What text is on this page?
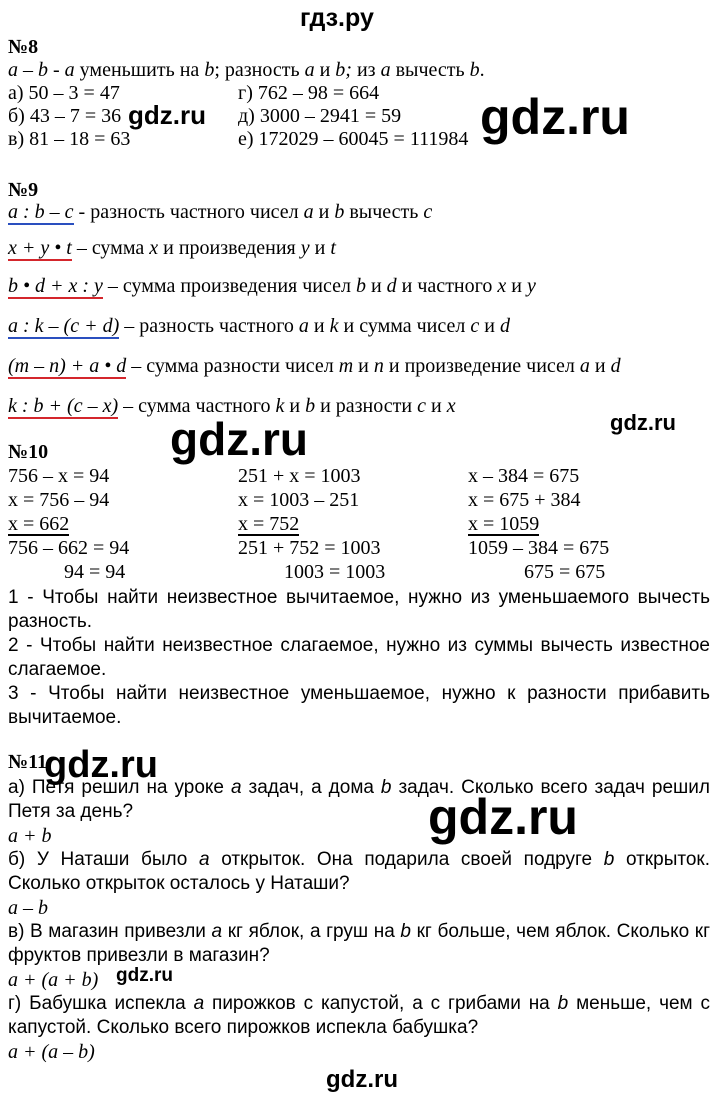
гдз.ру
№8
a – b - a уменьшить на b; разность a и b; из a вычесть b.
а) 50 – 3 = 47
б) 43 – 7 = 36
в) 81 – 18 = 63
г) 762 – 98 = 664
д) 3000 – 2941 = 59
е) 172029 – 60045 = 111984 gdz.ru
gdz.ru
№9
a : b – c - разность частного чисел a и b вычесть c
x + y • t – сумма x и произведения y и t
b • d + x : y – сумма произведения чисел b и d и частного x и y
a : k – (c + d) – разность частного a и k и сумма чисел c и d
(m – n) + a • d – сумма разности чисел m и n и произведение чисел a и d
k : b + (c – x) – сумма частного k и b и разности c и x
gdz.ru	gdz.ru
№10
756 – x = 94
x = 756 – 94
x = 662
756 – 662 = 94
94 = 94
251 + x = 1003
x = 1003 – 251
x = 752
251 + 752 = 1003
1003 = 1003
x – 384 = 675
x = 675 + 384
x = 1059
1059 – 384 = 675
675 = 675
1 - Чтобы найти неизвестное вычитаемое, нужно из уменьшаемого вычесть разность.
2 - Чтобы найти неизвестное слагаемое, нужно из суммы вычесть известное слагаемое.
3 - Чтобы найти неизвестное уменьшаемое, нужно к разности прибавить вычитаемое.
№11
gdz.ru
а) Петя решил на уроке a задач, а дома b задач. Сколько всего задач решил Петя за день?
a + b	gdz.ru
б) У Наташи было a открыток. Она подарила своей подруге b открыток. Сколько открыток осталось у Наташи?
a – b
в) В магазин привезли a кг яблок, а груш на b кг больше, чем яблок. Сколько кг фруктов привезли в магазин?
a + (a + b) gdz.ru
г) Бабушка испекла a пирожков с капустой, а с грибами на b меньше, чем с капустой. Сколько всего пирожков испекла бабушка?
a + (a – b)
gdz.ru
